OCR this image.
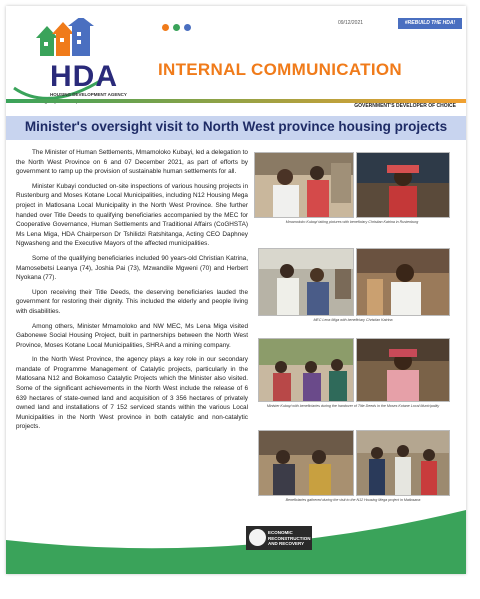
HDA
HOUSING DEVELOPMENT AGENCY
09/12/2021	#REBUILD THE HDA!
INTERNAL COMMUNICATION
GOVERNMENT'S DEVELOPER OF CHOICE
Minister's oversight visit to North West province housing projects

The Minister of Human Settlements, Mmamoloko Kubayi, led a delegation to the North West Province on 6 and 07 December 2021, as part of efforts by government to ramp up the provision of sustainable human settlements for all.

Minister Kubayi conducted on-site inspections of various housing projects in Rustenburg and Moses Kotane Local Municipalities, including N12 Housing Mega project in Matlosana Local Municipality in the North West Province. She further handed over Title Deeds to qualifying beneficiaries accompanied by the MEC for Cooperative Governance, Human Settlements and Traditional Affairs (CoGHSTA) Ms Lena Miga, HDA Chairperson Dr Tshilidzi Ratshitanga, Acting CEO Daphney Ngwasheng and the Executive Mayors of the affected municipalities.

Some of the qualifying beneficiaries included 90 years-old Christian Katrina, Mamosebetsi Leanya (74), Joshia Pai (73), Mzwandile Mgweni (70) and Herbert Nyokana (77).

Upon receiving their Title Deeds, the deserving beneficiaries lauded the government for restoring their dignity. This included the elderly and people living with disabilities.

Among others, Minister Mmamoloko and NW MEC, Ms Lena Miga visited Gabonewe Social Housing Project, built in partnerships between the North West Province, Moses Kotane Local Municipalities, SHRA and a mining company.

In the North West Province, the agency plays a key role in our secondary mandate of Programme Management of Catalytic projects, particularly in the Matlosana N12 and Bokamoso Catalytic Projects which the Minister also visited. Some of the significant achievements in the North West include the release of 6 639 hectares of state-owned land and acquisition of 3 356 hectares of privately owned land and installations of 7 152 serviced stands within the various Local Municipalities in the North West province in both catalytic and non-catalytic projects.

Mmamoloko Kubayi taking pictures with beneficiary Christian Katrina in Rustenburg
MEC Lena Miga with beneficiary Christian Katrina
Minister Kubayi with beneficiaries during the handover of Title Deeds in the Moses Kotane Local Municipality
Beneficiaries gathered during the visit to the N12 Housing Mega project in Matlosana
ECONOMIC
RECONSTRUCTION
AND RECOVERY
